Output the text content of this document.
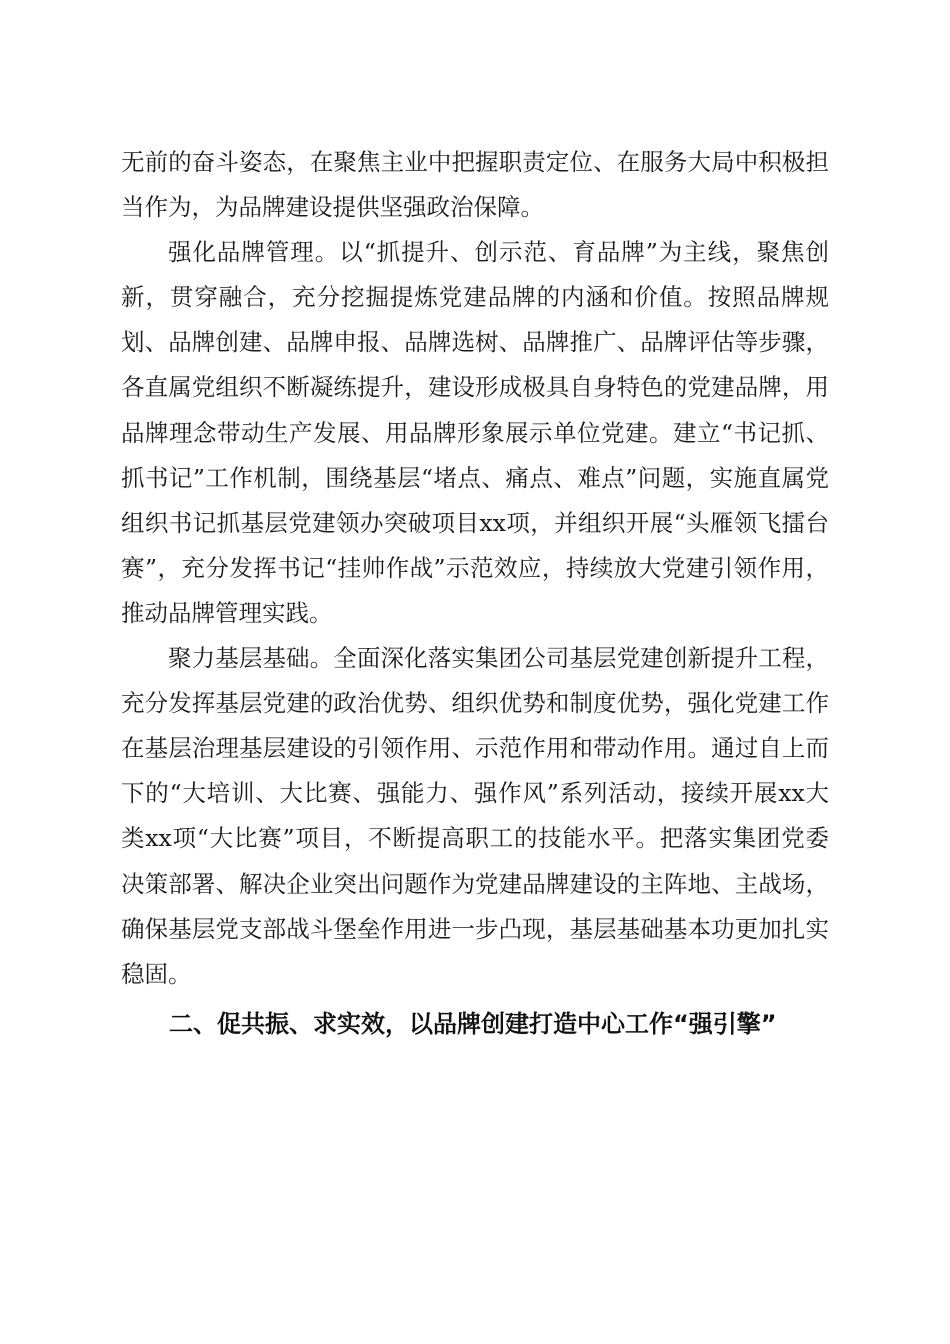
无前的奋斗姿态，在聚焦主业中把握职责定位、在服务大局中积极担当作为，为品牌建设提供坚强政治保障。

强化品牌管理。以“抓提升、创示范、育品牌”为主线，聚焦创新，贯穿融合，充分挖掘提炼党建品牌的内涵和价值。按照品牌规划、品牌创建、品牌申报、品牌选树、品牌推广、品牌评估等步骤，各直属党组织不断凝练提升，建设形成极具自身特色的党建品牌，用品牌理念带动生产发展、用品牌形象展示单位党建。建立“书记抓、抓书记”工作机制，围绕基层“堵点、痛点、难点”问题，实施直属党组织书记抓基层党建领办突破项目xx项，并组织开展“头雁领飞擂台赛”，充分发挥书记“挂帅作战”示范效应，持续放大党建引领作用，推动品牌管理实践。

聚力基层基础。全面深化落实集团公司基层党建创新提升工程，充分发挥基层党建的政治优势、组织优势和制度优势，强化党建工作在基层治理基层建设的引领作用、示范作用和带动作用。通过自上而下的“大培训、大比赛、强能力、强作风”系列活动，接续开展xx大类xx项“大比赛”项目，不断提高职工的技能水平。把落实集团党委决策部署、解决企业突出问题作为党建品牌建设的主阵地、主战场，确保基层党支部战斗堡垒作用进一步凸现，基层基础基本功更加扎实稳固。

二、促共振、求实效，以品牌创建打造中心工作“强引擎”
